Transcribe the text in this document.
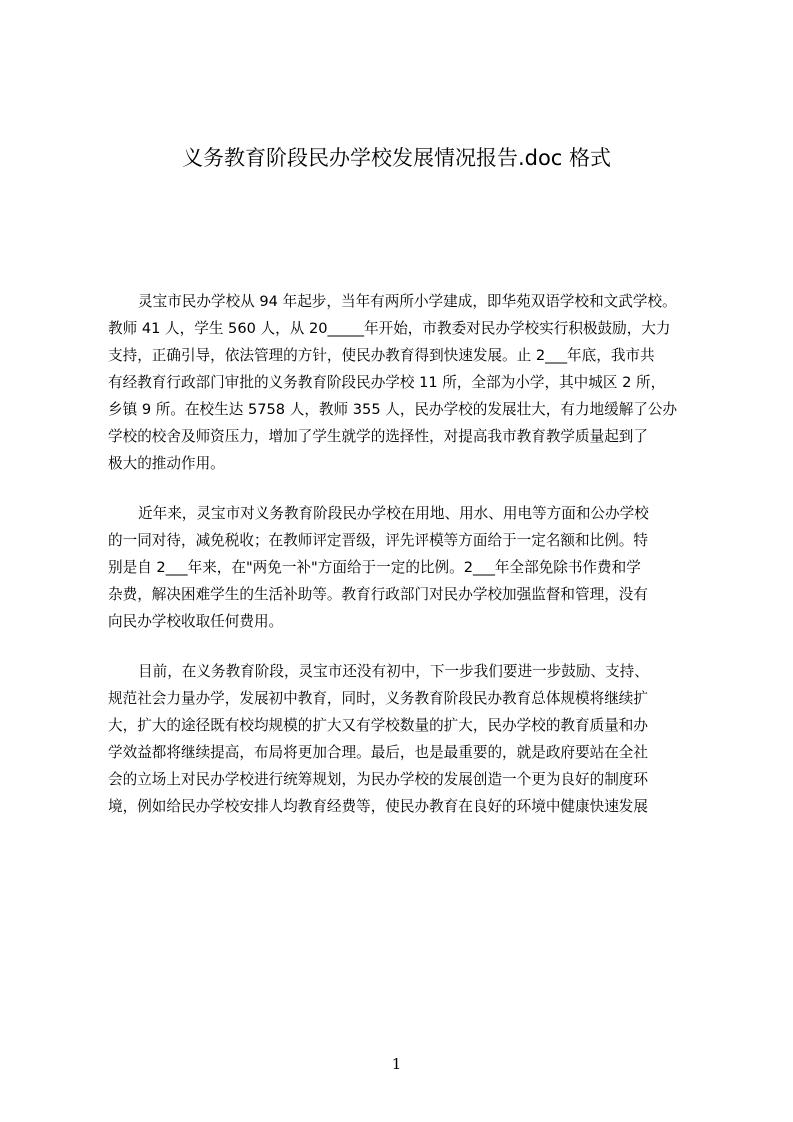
义务教育阶段民办学校发展情况报告.doc 格式
灵宝市民办学校从 94 年起步，当年有两所小学建成，即华苑双语学校和文武学校。
教师 41 人，学生 560 人，从 20_____年开始，市教委对民办学校实行积极鼓励，大力
支持，正确引导，依法管理的方针，使民办教育得到快速发展。止 2___年底，我市共
有经教育行政部门审批的义务教育阶段民办学校 11 所，全部为小学，其中城区 2 所，
乡镇 9 所。在校生达 5758 人，教师 355 人，民办学校的发展壮大，有力地缓解了公办
学校的校舍及师资压力，增加了学生就学的选择性，对提高我市教育教学质量起到了
极大的推动作用。
近年来，灵宝市对义务教育阶段民办学校在用地、用水、用电等方面和公办学校
的一同对待，减免税收；在教师评定晋级，评先评模等方面给于一定名额和比例。特
别是自 2___年来，在"两免一补"方面给于一定的比例。2___年全部免除书作费和学
杂费，解决困难学生的生活补助等。教育行政部门对民办学校加强监督和管理，没有
向民办学校收取任何费用。
目前，在义务教育阶段，灵宝市还没有初中，下一步我们要进一步鼓励、支持、
规范社会力量办学，发展初中教育，同时，义务教育阶段民办教育总体规模将继续扩
大，扩大的途径既有校均规模的扩大又有学校数量的扩大，民办学校的教育质量和办
学效益都将继续提高，布局将更加合理。最后，也是最重要的，就是政府要站在全社
会的立场上对民办学校进行统筹规划，为民办学校的发展创造一个更为良好的制度环
境，例如给民办学校安排人均教育经费等，使民办教育在良好的环境中健康快速发展
1
